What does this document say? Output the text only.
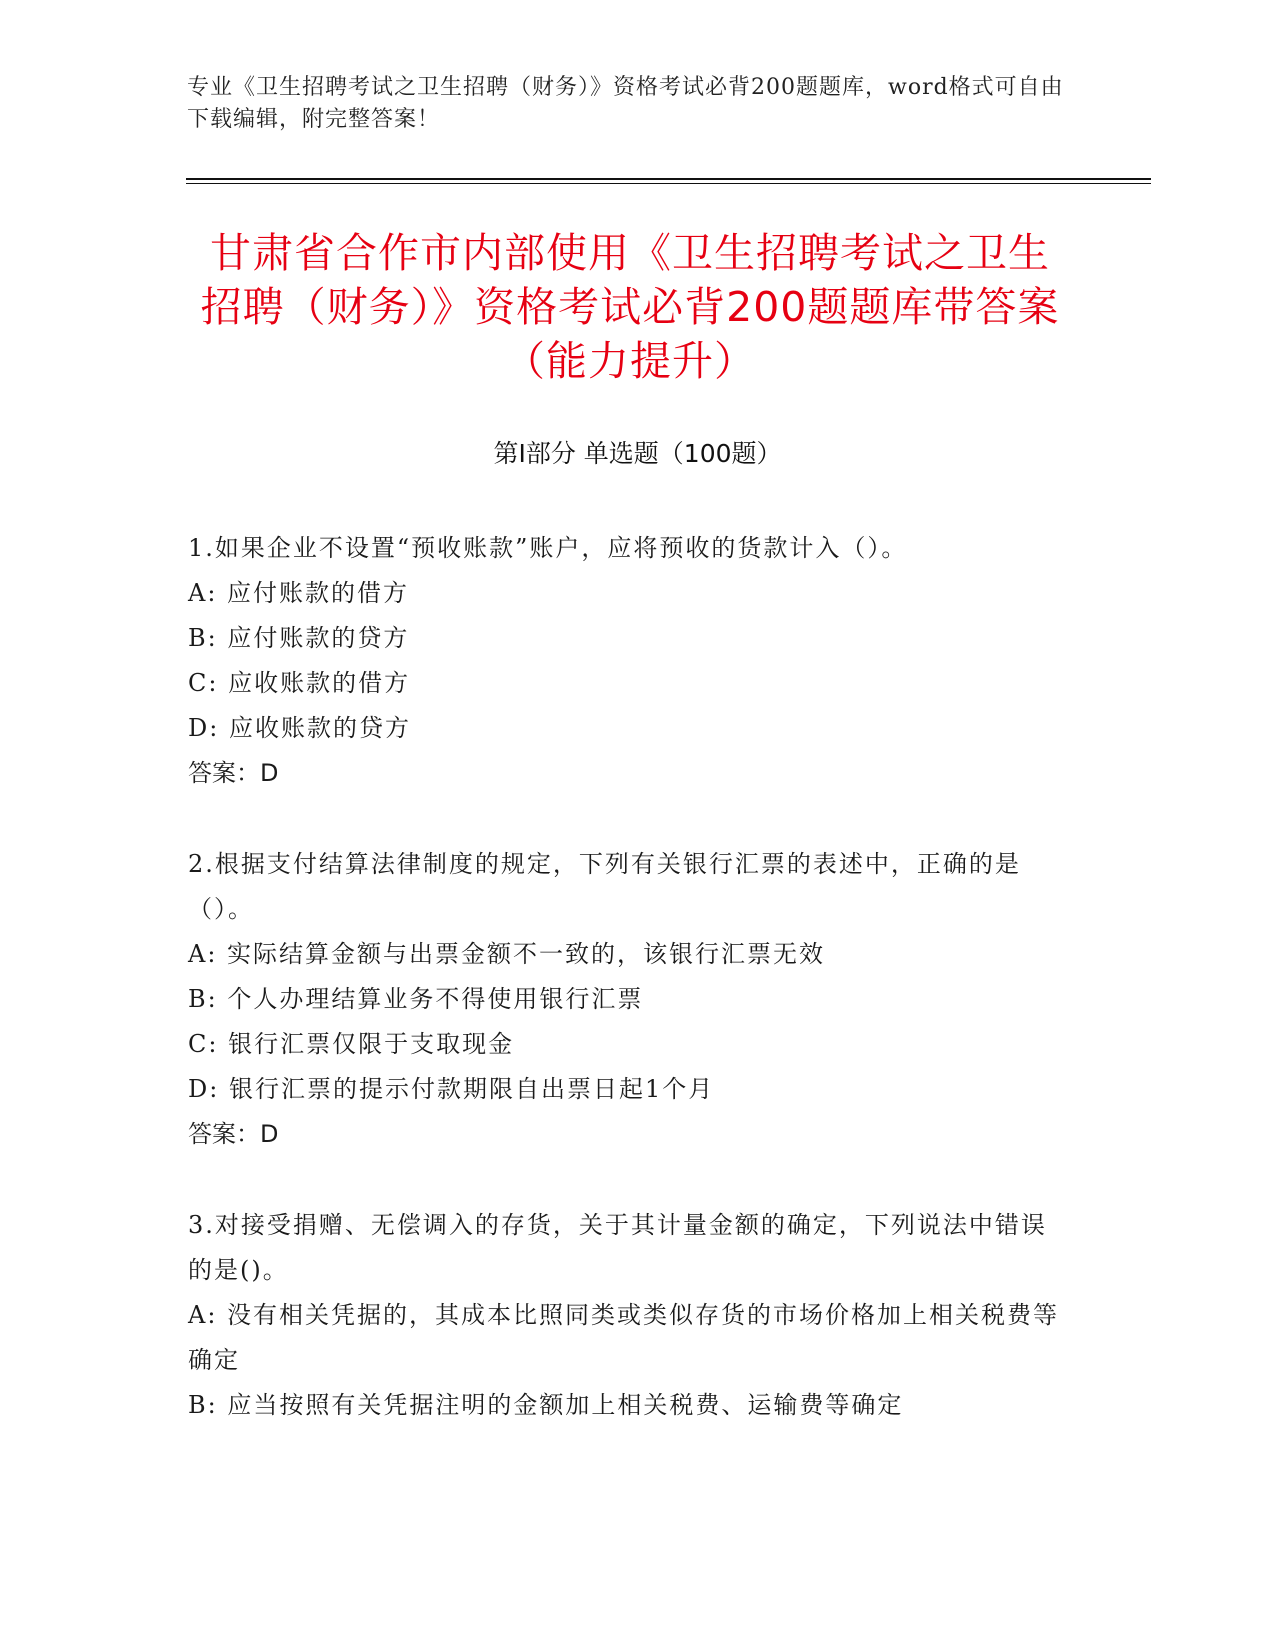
专业《卫生招聘考试之卫生招聘（财务）》资格考试必背200题题库，word格式可自由下载编辑，附完整答案！
甘肃省合作市内部使用《卫生招聘考试之卫生招聘（财务）》资格考试必背200题题库带答案（能力提升）
第Ⅰ部分 单选题（100题）
1.如果企业不设置“预收账款”账户，应将预收的货款计入（）。
A: 应付账款的借方
B: 应付账款的贷方
C: 应收账款的借方
D: 应收账款的贷方
答案：D
2.根据支付结算法律制度的规定，下列有关银行汇票的表述中，正确的是（）。
A: 实际结算金额与出票金额不一致的，该银行汇票无效
B: 个人办理结算业务不得使用银行汇票
C: 银行汇票仅限于支取现金
D: 银行汇票的提示付款期限自出票日起1个月
答案：D
3.对接受捐赠、无偿调入的存货，关于其计量金额的确定，下列说法中错误的是()。
A: 没有相关凭据的，其成本比照同类或类似存货的市场价格加上相关税费等确定
B: 应当按照有关凭据注明的金额加上相关税费、运输费等确定
